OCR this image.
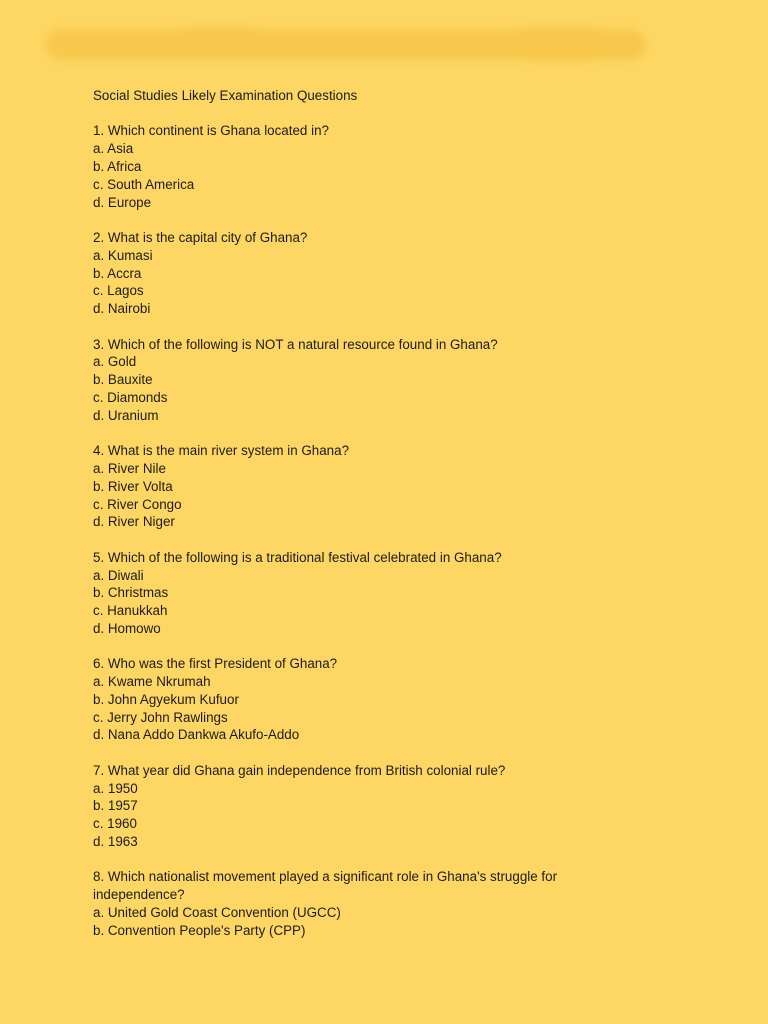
Social Studies Likely Examination Questions
1. Which continent is Ghana located in?
a. Asia
b. Africa
c. South America
d. Europe
2. What is the capital city of Ghana?
a. Kumasi
b. Accra
c. Lagos
d. Nairobi
3. Which of the following is NOT a natural resource found in Ghana?
a. Gold
b. Bauxite
c. Diamonds
d. Uranium
4. What is the main river system in Ghana?
a. River Nile
b. River Volta
c. River Congo
d. River Niger
5. Which of the following is a traditional festival celebrated in Ghana?
a. Diwali
b. Christmas
c. Hanukkah
d. Homowo
6. Who was the first President of Ghana?
a. Kwame Nkrumah
b. John Agyekum Kufuor
c. Jerry John Rawlings
d. Nana Addo Dankwa Akufo-Addo
7. What year did Ghana gain independence from British colonial rule?
a. 1950
b. 1957
c. 1960
d. 1963
8. Which nationalist movement played a significant role in Ghana's struggle for independence?
a. United Gold Coast Convention (UGCC)
b. Convention People's Party (CPP)
